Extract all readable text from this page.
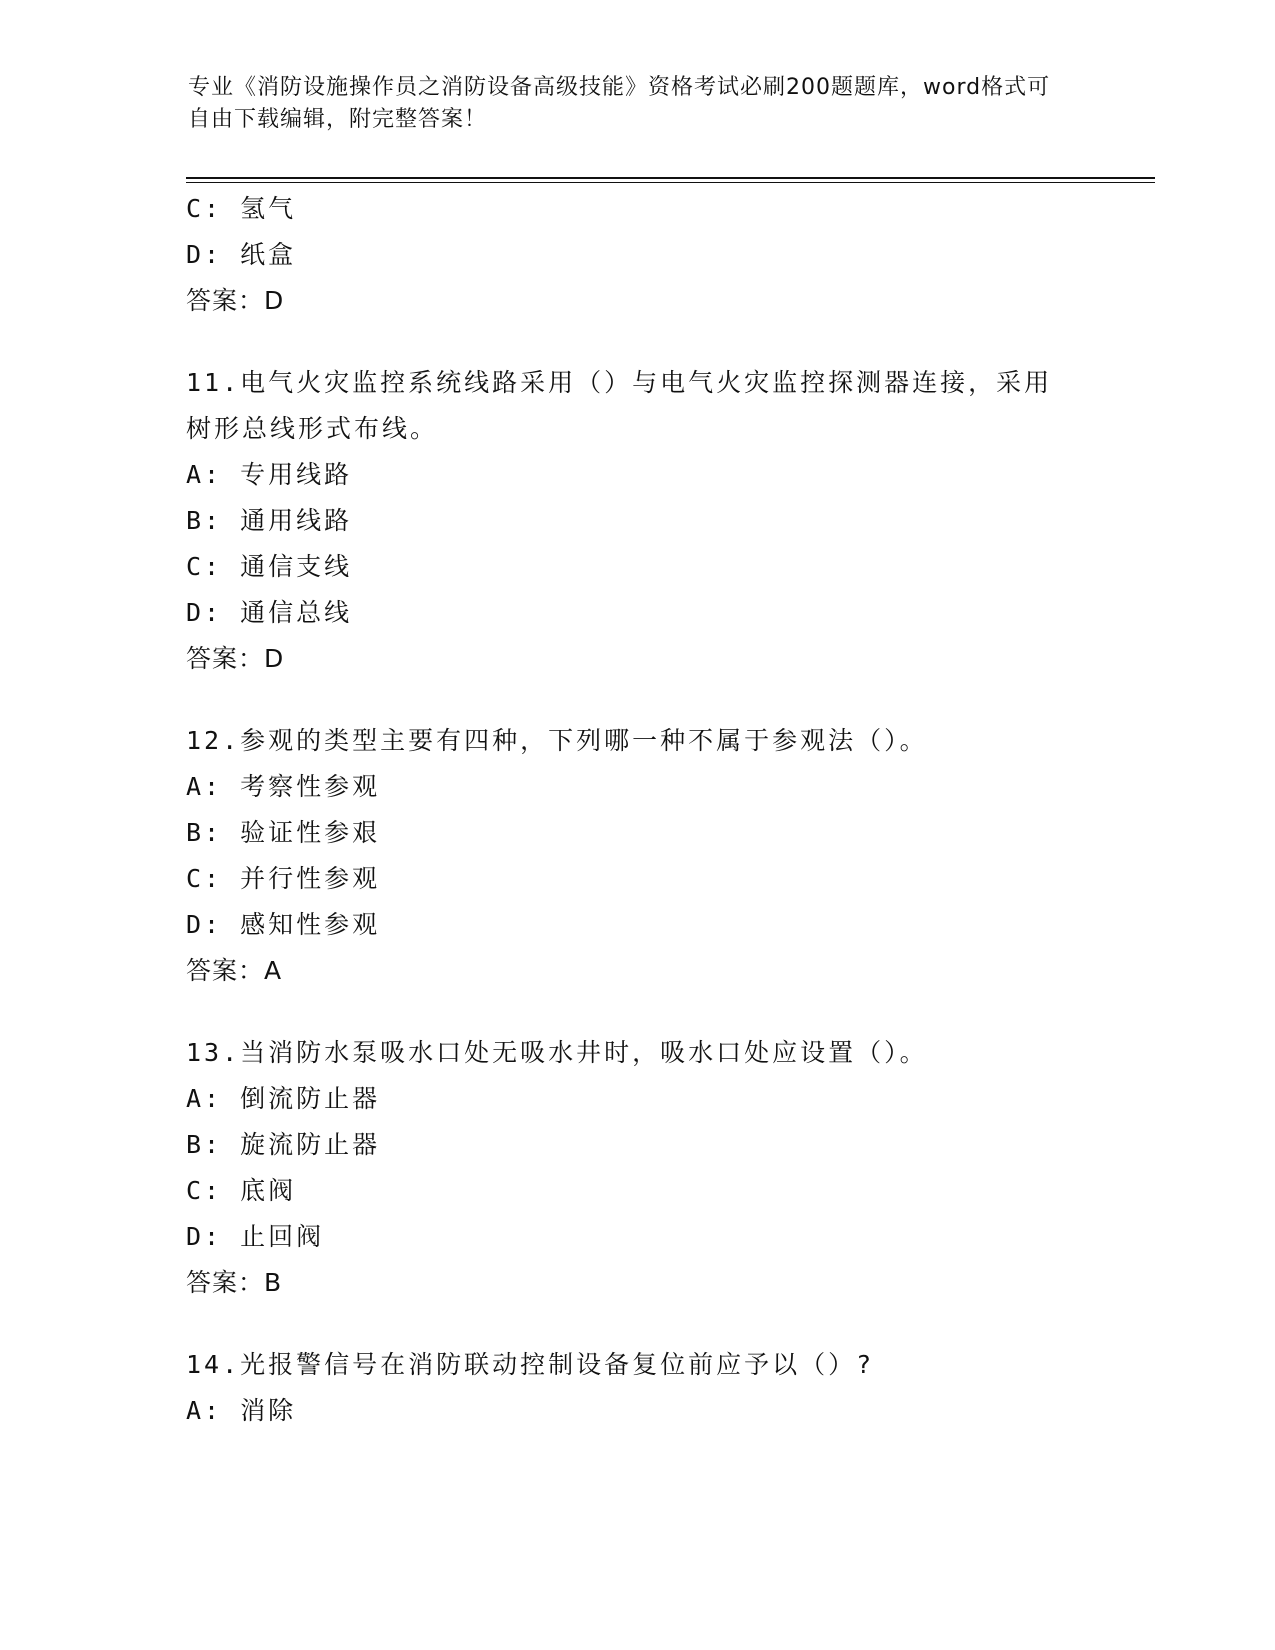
专业《消防设施操作员之消防设备高级技能》资格考试必刷200题题库，word格式可自由下载编辑，附完整答案！

C: 氢气
D: 纸盒
答案：D
11.电气火灾监控系统线路采用（）与电气火灾监控探测器连接，采用
树形总线形式布线。
A: 专用线路
B: 通用线路
C: 通信支线
D: 通信总线
答案：D
12.参观的类型主要有四种，下列哪一种不属于参观法（）。
A: 考察性参观
B: 验证性参艰
C: 并行性参观
D: 感知性参观
答案：A
13.当消防水泵吸水口处无吸水井时，吸水口处应设置（）。
A: 倒流防止器
B: 旋流防止器
C: 底阀
D: 止回阀
答案：B
14.光报警信号在消防联动控制设备复位前应予以（）?
A: 消除
